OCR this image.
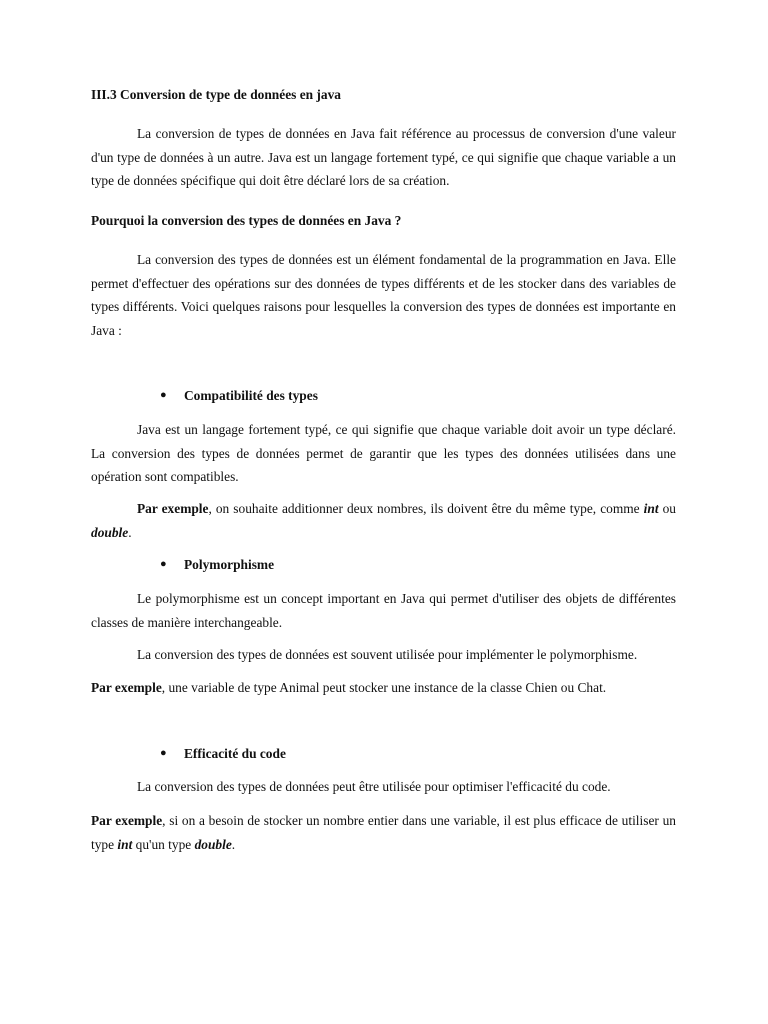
III.3 Conversion de type de données en java

La conversion de types de données en Java fait référence au processus de conversion d'une valeur d'un type de données à un autre. Java est un langage fortement typé, ce qui signifie que chaque variable a un type de données spécifique qui doit être déclaré lors de sa création.

Pourquoi la conversion des types de données en Java ?

La conversion des types de données est un élément fondamental de la programmation en Java. Elle permet d'effectuer des opérations sur des données de types différents et de les stocker dans des variables de types différents. Voici quelques raisons pour lesquelles la conversion des types de données est importante en Java :

● Compatibilité des types

Java est un langage fortement typé, ce qui signifie que chaque variable doit avoir un type déclaré. La conversion des types de données permet de garantir que les types des données utilisées dans une opération sont compatibles.

Par exemple, on souhaite additionner deux nombres, ils doivent être du même type, comme int ou double.

● Polymorphisme

Le polymorphisme est un concept important en Java qui permet d'utiliser des objets de différentes classes de manière interchangeable.

La conversion des types de données est souvent utilisée pour implémenter le polymorphisme.

Par exemple, une variable de type Animal peut stocker une instance de la classe Chien ou Chat.

● Efficacité du code

La conversion des types de données peut être utilisée pour optimiser l'efficacité du code.

Par exemple, si on a besoin de stocker un nombre entier dans une variable, il est plus efficace de utiliser un type int qu'un type double.
